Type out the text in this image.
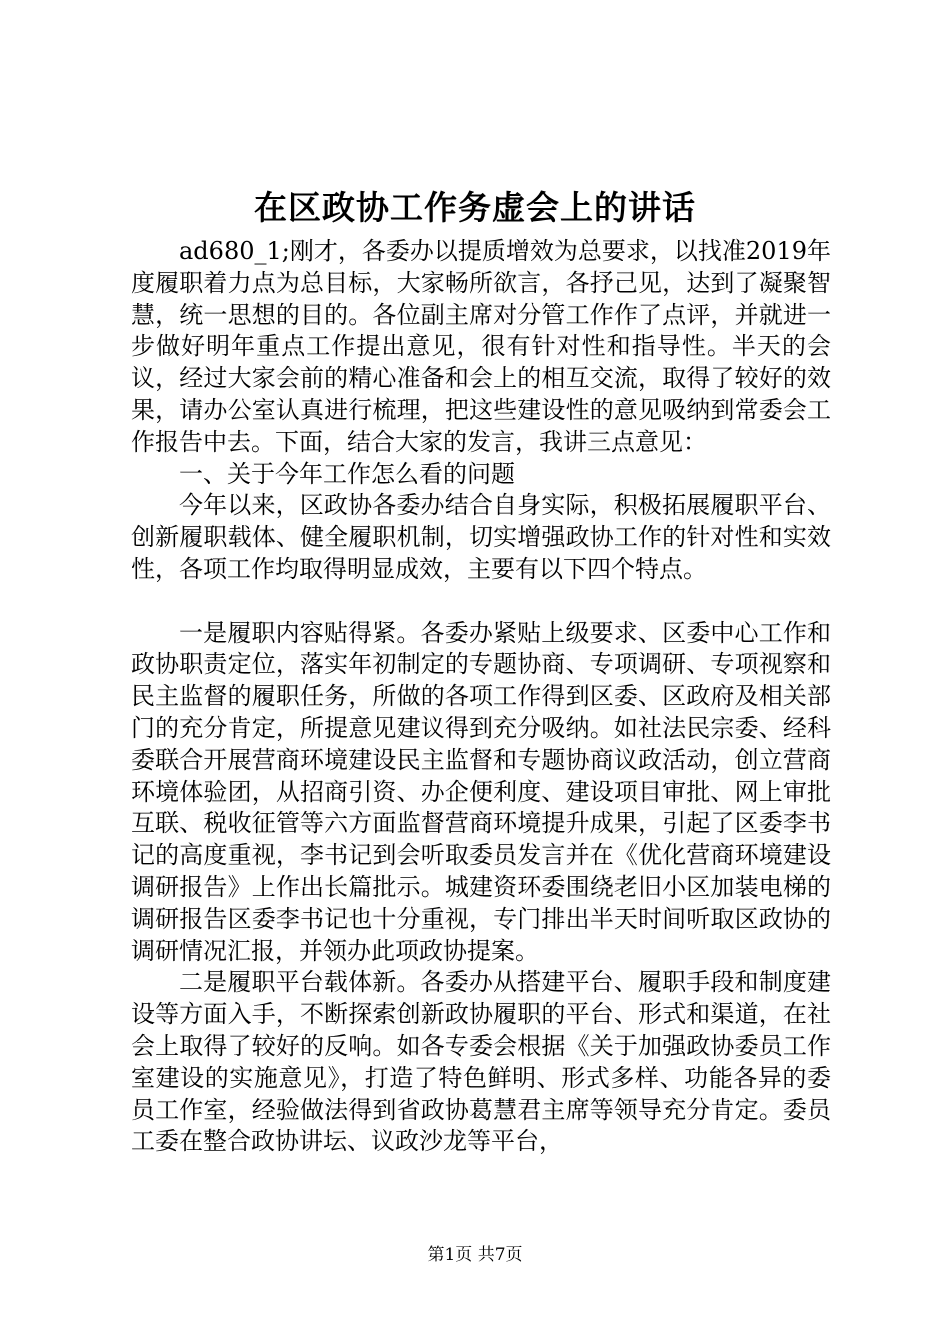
在区政协工作务虚会上的讲话

ad680_1;刚才，各委办以提质增效为总要求，以找准2019年度履职着力点为总目标，大家畅所欲言，各抒己见，达到了凝聚智慧，统一思想的目的。各位副主席对分管工作作了点评，并就进一步做好明年重点工作提出意见，很有针对性和指导性。半天的会议，经过大家会前的精心准备和会上的相互交流，取得了较好的效果，请办公室认真进行梳理，把这些建设性的意见吸纳到常委会工作报告中去。下面，结合大家的发言，我讲三点意见：

一、关于今年工作怎么看的问题

今年以来，区政协各委办结合自身实际，积极拓展履职平台、创新履职载体、健全履职机制，切实增强政协工作的针对性和实效性，各项工作均取得明显成效，主要有以下四个特点。

一是履职内容贴得紧。各委办紧贴上级要求、区委中心工作和政协职责定位，落实年初制定的专题协商、专项调研、专项视察和民主监督的履职任务，所做的各项工作得到区委、区政府及相关部门的充分肯定，所提意见建议得到充分吸纳。如社法民宗委、经科委联合开展营商环境建设民主监督和专题协商议政活动，创立营商环境体验团，从招商引资、办企便利度、建设项目审批、网上审批互联、税收征管等六方面监督营商环境提升成果，引起了区委李书记的高度重视，李书记到会听取委员发言并在《优化营商环境建设调研报告》上作出长篇批示。城建资环委围绕老旧小区加装电梯的调研报告区委李书记也十分重视，专门排出半天时间听取区政协的调研情况汇报，并领办此项政协提案。

二是履职平台载体新。各委办从搭建平台、履职手段和制度建设等方面入手，不断探索创新政协履职的平台、形式和渠道，在社会上取得了较好的反响。如各专委会根据《关于加强政协委员工作室建设的实施意见》，打造了特色鲜明、形式多样、功能各异的委员工作室，经验做法得到省政协葛慧君主席等领导充分肯定。委员工委在整合政协讲坛、议政沙龙等平台，

第1页 共7页
